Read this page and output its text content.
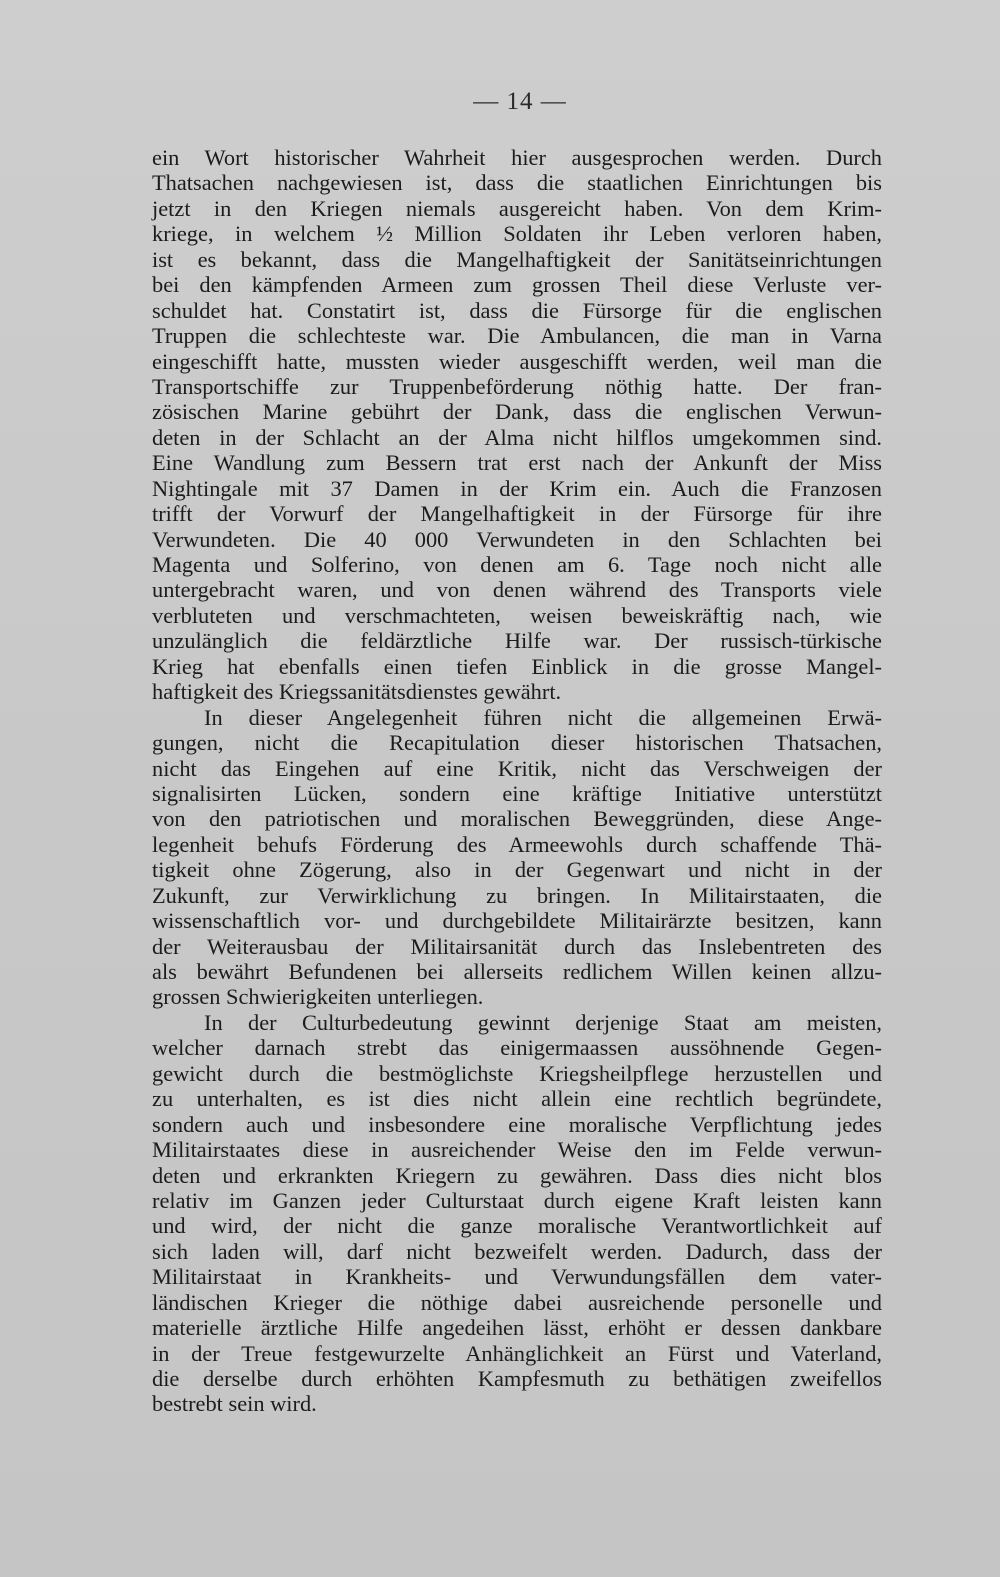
— 14 —
ein Wort historischer Wahrheit hier ausgesprochen werden. Durch
Thatsachen nachgewiesen ist, dass die staatlichen Einrichtungen bis
jetzt in den Kriegen niemals ausgereicht haben. Von dem Krim-
kriege, in welchem ½ Million Soldaten ihr Leben verloren haben,
ist es bekannt, dass die Mangelhaftigkeit der Sanitätseinrichtungen
bei den kämpfenden Armeen zum grossen Theil diese Verluste ver-
schuldet hat. Constatirt ist, dass die Fürsorge für die englischen
Truppen die schlechteste war. Die Ambulancen, die man in Varna
eingeschifft hatte, mussten wieder ausgeschifft werden, weil man die
Transportschiffe zur Truppenbeförderung nöthig hatte. Der fran-
zösischen Marine gebührt der Dank, dass die englischen Verwun-
deten in der Schlacht an der Alma nicht hilflos umgekommen sind.
Eine Wandlung zum Bessern trat erst nach der Ankunft der Miss
Nightingale mit 37 Damen in der Krim ein. Auch die Franzosen
trifft der Vorwurf der Mangelhaftigkeit in der Fürsorge für ihre
Verwundeten. Die 40 000 Verwundeten in den Schlachten bei
Magenta und Solferino, von denen am 6. Tage noch nicht alle
untergebracht waren, und von denen während des Transports viele
verbluteten und verschmachteten, weisen beweiskräftig nach, wie
unzulänglich die feldärztliche Hilfe war. Der russisch-türkische
Krieg hat ebenfalls einen tiefen Einblick in die grosse Mangel-
haftigkeit des Kriegssanitätsdienstes gewährt.
In dieser Angelegenheit führen nicht die allgemeinen Erwä-
gungen, nicht die Recapitulation dieser historischen Thatsachen,
nicht das Eingehen auf eine Kritik, nicht das Verschweigen der
signalisirten Lücken, sondern eine kräftige Initiative unterstützt
von den patriotischen und moralischen Beweggründen, diese Ange-
legenheit behufs Förderung des Armeewohls durch schaffende Thä-
tigkeit ohne Zögerung, also in der Gegenwart und nicht in der
Zukunft, zur Verwirklichung zu bringen. In Militairstaaten, die
wissenschaftlich vor- und durchgebildete Militairärzte besitzen, kann
der Weiterausbau der Militairsanität durch das Inslebentreten des
als bewährt Befundenen bei allerseits redlichem Willen keinen allzu-
grossen Schwierigkeiten unterliegen.
In der Culturbedeutung gewinnt derjenige Staat am meisten,
welcher darnach strebt das einigermaassen aussöhnende Gegen-
gewicht durch die bestmöglichste Kriegsheilpflege herzustellen und
zu unterhalten, es ist dies nicht allein eine rechtlich begründete,
sondern auch und insbesondere eine moralische Verpflichtung jedes
Militairstaates diese in ausreichender Weise den im Felde verwun-
deten und erkrankten Kriegern zu gewähren. Dass dies nicht blos
relativ im Ganzen jeder Culturstaat durch eigene Kraft leisten kann
und wird, der nicht die ganze moralische Verantwortlichkeit auf
sich laden will, darf nicht bezweifelt werden. Dadurch, dass der
Militairstaat in Krankheits- und Verwundungsfällen dem vater-
ländischen Krieger die nöthige dabei ausreichende personelle und
materielle ärztliche Hilfe angedeihen lässt, erhöht er dessen dankbare
in der Treue festgewurzelte Anhänglichkeit an Fürst und Vaterland,
die derselbe durch erhöhten Kampfesmuth zu bethätigen zweifellos
bestrebt sein wird.
